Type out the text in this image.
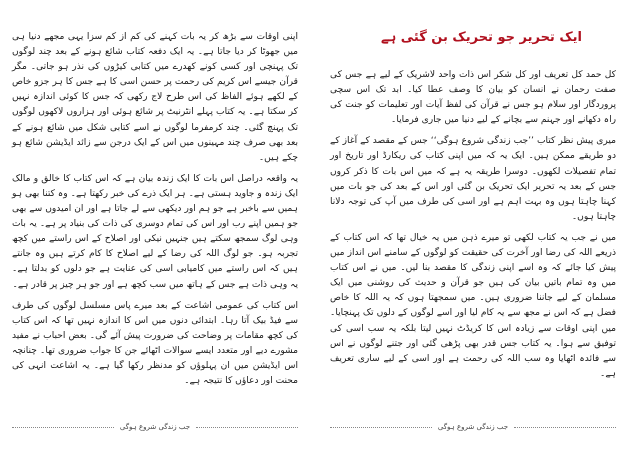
اپنی اوقات سے بڑھ کر یہ بات کہنے کی کم از کم سزا یہی مجھے دنیا ہی میں جھوٹا کر دیا جاتا ہے۔ یہ ایک دفعہ کتاب شائع ہونے کے بعد چند لوگوں تک پہنچی اور کسی کونے کھدرے میں کتابی کیڑوں کی نذر ہو جاتی۔ مگر قرآن جیسے اس کریم کی رحمت پر حسن اسی کا ہے جس کا ہر جزو خاص کے لکھے ہوئے الفاظ کی اس طرح لاج رکھی کہ جس کا کوئی اندازہ نہیں کر سکتا ہے۔ یہ کتاب پہلے انٹرنیٹ پر شائع ہوئی اور ہزاروں لاکھوں لوگوں تک پہنچ گئی۔ چند کرمفرما لوگوں نے اسے کتابی شکل میں شائع ہونے کے بعد بھی صرف چند مہینوں میں اس کے ایک درجن سے زائد ایڈیشن شائع ہو چکے ہیں۔

یہ واقعہ دراصل اس بات کا ایک زندہ بیان ہے کہ اس کتاب کا خالق و مالک ایک زندہ و جاوید ہستی ہے۔ ہر ایک ذرے کی خبر رکھتا ہے۔ وہ کتنا بھی ہو ہمیں سے باخبر ہے جو ہم اور دیکھی سے لے جاتا ہے اور ان امیدوں سے بھی جو ہمیں اپنے رب اور اس کی تمام دوسری کی ذات کی بنیاد پر ہے۔ یہ بات وہی لوگ سمجھ سکتے ہیں جنہیں نیکی اور اصلاح کے اس راستے میں کچھ تجربہ ہو۔ جو لوگ اللہ کی رضا کے لیے اصلاح کا کام کرتے ہیں وہ جانتے ہیں کہ اس راستے میں کامیابی اسی کی عنایت ہے جو دلوں کو بدلتا ہے۔ یہ وہی ذات ہے جس کے ہاتھ میں سب کچھ ہے اور جو ہر چیز پر قادر ہے۔

اس کتاب کی عمومی اشاعت کے بعد میرے پاس مسلسل لوگوں کی طرف سے فیڈ بیک آتا رہا۔ ابتدائی دنوں میں اس کا اندازہ نہیں تھا کہ اس کتاب کی کچھ مقامات پر وضاحت کی ضرورت پیش آئے گی۔ بعض احباب نے مفید مشورے دیے اور متعدد ایسے سوالات اٹھائے جن کا جواب ضروری تھا۔ چنانچہ اس ایڈیشن میں ان پہلوؤں کو مدنظر رکھا گیا ہے۔ یہ اشاعت انہی کی محنت اور دعاؤں کا نتیجہ ہے۔

ایک تحریر جو تحریک بن گئی ہے

کل حمد کل تعریف اور کل شکر اس ذات واحد لاشریک کے لیے ہے جس کی صفت رحمان نے انسان کو بیان کا وصف عطا کیا۔ ابد تک اس سچی پروردگار اور سلام ہو جس نے قرآن کی لفظ آیات اور تعلیمات کو جنت کی راہ دکھانے اور جہنم سے بچانے کے لیے دنیا میں جاری فرمایا۔

میری پیش نظر کتاب ’’جب زندگی شروع ہوگی‘‘ جس کے مقصد کے آغاز کے دو طریقے ممکن ہیں۔ ایک یہ کہ میں اپنی کتاب کی ریکارڈ اور تاریخ اور تمام تفصیلات لکھوں۔ دوسرا طریقہ یہ ہے کہ میں اس بات کا ذکر کروں جس کے بعد یہ تحریر ایک تحریک بن گئی اور اس کے بعد کی جو بات میں کہنا چاہتا ہوں وہ بہت اہم ہے اور اسی کی طرف میں آپ کی توجہ دلانا چاہتا ہوں۔

میں نے جب یہ کتاب لکھی تو میرے ذہن میں یہ خیال تھا کہ اس کتاب کے ذریعے اللہ کی رضا اور آخرت کی حقیقت کو لوگوں کے سامنے اس انداز میں پیش کیا جائے کہ وہ اسے اپنی زندگی کا مقصد بنا لیں۔ میں نے اس کتاب میں وہ تمام باتیں بیان کی ہیں جو قرآن و حدیث کی روشنی میں ایک مسلمان کے لیے جاننا ضروری ہیں۔ میں سمجھتا ہوں کہ یہ اللہ کا خاص فضل ہے کہ اس نے مجھ سے یہ کام لیا اور اسے لوگوں کے دلوں تک پہنچایا۔ میں اپنی اوقات سے زیادہ اس کا کریڈٹ نہیں لیتا بلکہ یہ سب اسی کی توفیق سے ہوا۔ یہ کتاب جس قدر بھی پڑھی گئی اور جتنے لوگوں نے اس سے فائدہ اٹھایا وہ سب اللہ کی رحمت ہے اور اسی کے لیے ساری تعریف ہے۔

جب زندگی شروع ہوگی	جب زندگی شروع ہوگی
